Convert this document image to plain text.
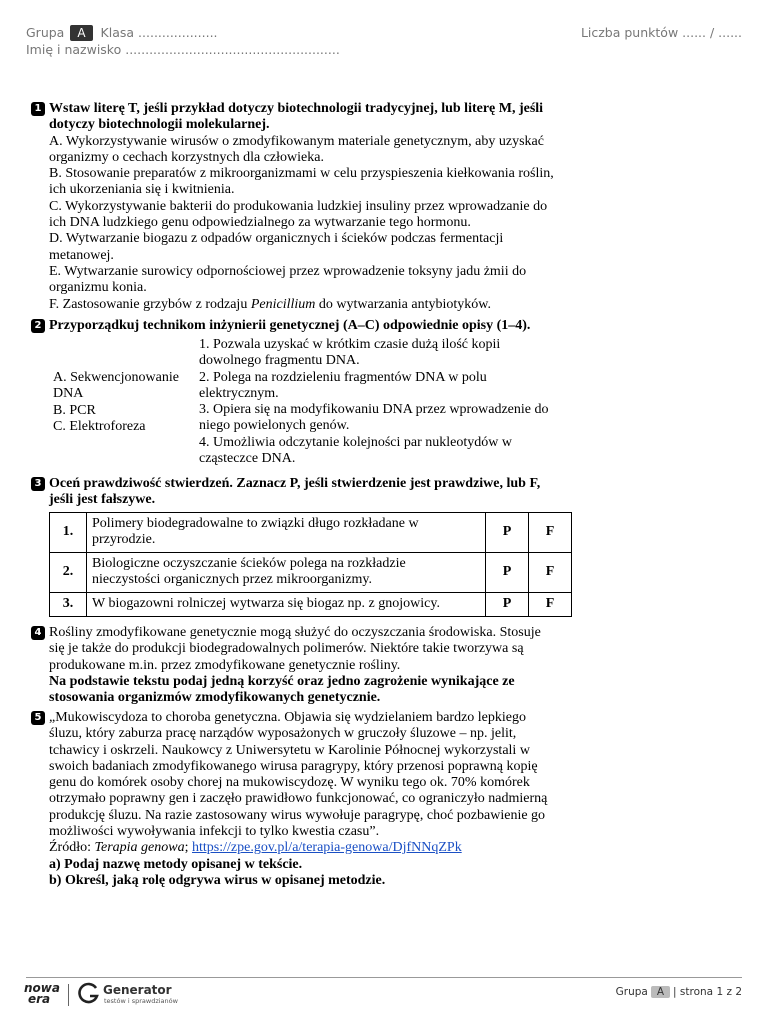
Grupa A Klasa ....................
Imię i nazwisko ......................................................
Liczba punktów ...... / ......
1 Wstaw literę T, jeśli przykład dotyczy biotechnologii tradycyjnej, lub literę M, jeśli
dotyczy biotechnologii molekularnej.
A. Wykorzystywanie wirusów o zmodyfikowanym materiale genetycznym, aby uzyskać
organizmy o cechach korzystnych dla człowieka.
B. Stosowanie preparatów z mikroorganizmami w celu przyspieszenia kiełkowania roślin,
ich ukorzeniania się i kwitnienia.
C. Wykorzystywanie bakterii do produkowania ludzkiej insuliny przez wprowadzanie do
ich DNA ludzkiego genu odpowiedzialnego za wytwarzanie tego hormonu.
D. Wytwarzanie biogazu z odpadów organicznych i ścieków podczas fermentacji
metanowej.
E. Wytwarzanie surowicy odpornościowej przez wprowadzenie toksyny jadu żmii do
organizmu konia.
F. Zastosowanie grzybów z rodzaju Penicillium do wytwarzania antybiotyków.
2 Przyporządkuj technikom inżynierii genetycznej (A–C) odpowiednie opisy (1–4).
A. Sekwencjonowanie
DNA
B. PCR
C. Elektroforeza
1. Pozwala uzyskać w krótkim czasie dużą ilość kopii
dowolnego fragmentu DNA.
2. Polega na rozdzieleniu fragmentów DNA w polu
elektrycznym.
3. Opiera się na modyfikowaniu DNA przez wprowadzenie do
niego powielonych genów.
4. Umożliwia odczytanie kolejności par nukleotydów w
cząsteczce DNA.
3 Oceń prawdziwość stwierdzeń. Zaznacz P, jeśli stwierdzenie jest prawdziwe, lub F,
jeśli jest fałszywe.
1.	Polimery biodegradowalne to związki długo rozkładane w
przyrodzie.	P	F
2.	Biologiczne oczyszczanie ścieków polega na rozkładzie
nieczystości organicznych przez mikroorganizmy.	P	F
3.	W biogazowni rolniczej wytwarza się biogaz np. z gnojowicy.	P	F
4 Rośliny zmodyfikowane genetycznie mogą służyć do oczyszczania środowiska. Stosuje
się je także do produkcji biodegradowalnych polimerów. Niektóre takie tworzywa są
produkowane m.in. przez zmodyfikowane genetycznie rośliny.
Na podstawie tekstu podaj jedną korzyść oraz jedno zagrożenie wynikające ze
stosowania organizmów zmodyfikowanych genetycznie.
5 „Mukowiscydoza to choroba genetyczna. Objawia się wydzielaniem bardzo lepkiego
śluzu, który zaburza pracę narządów wyposażonych w gruczoły śluzowe – np. jelit,
tchawicy i oskrzeli. Naukowcy z Uniwersytetu w Karolinie Północnej wykorzystali w
swoich badaniach zmodyfikowanego wirusa paragrypy, który przenosi poprawną kopię
genu do komórek osoby chorej na mukowiscydozę. W wyniku tego ok. 70% komórek
otrzymało poprawny gen i zaczęło prawidłowo funkcjonować, co ograniczyło nadmierną
produkcję śluzu. Na razie zastosowany wirus wywołuje paragrypę, choć pozbawienie go
możliwości wywoływania infekcji to tylko kwestia czasu”.
Źródło: Terapia genowa; https://zpe.gov.pl/a/terapia-genowa/DjfNNqZPk
a) Podaj nazwę metody opisanej w tekście.
b) Określ, jaką rolę odgrywa wirus w opisanej metodzie.
nowa
era
Generator
testów i sprawdzianów
Grupa A | strona 1 z 2
